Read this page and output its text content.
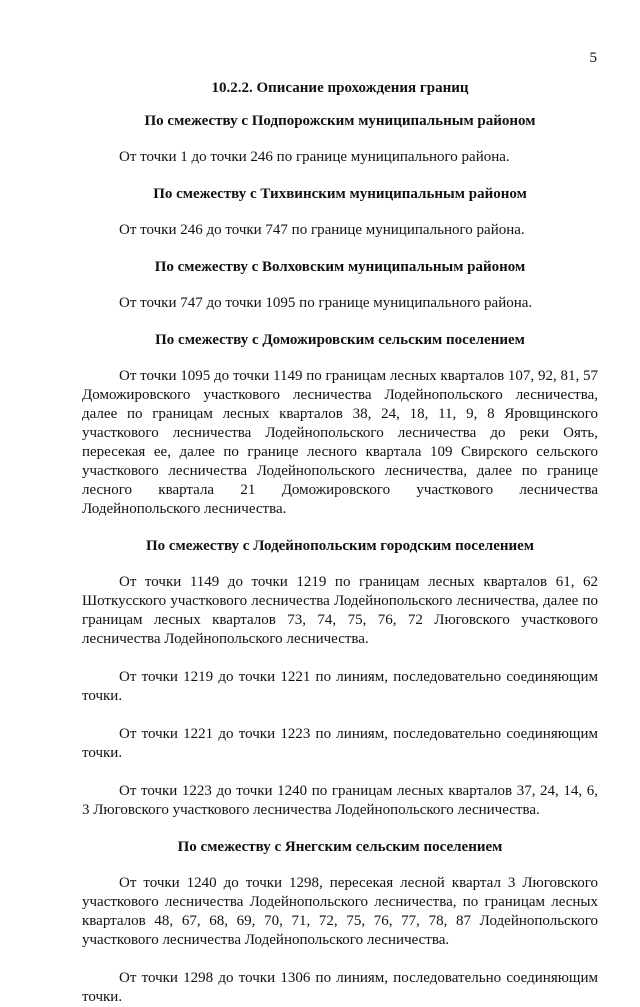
5
10.2.2. Описание прохождения границ
По смежеству с Подпорожским муниципальным районом

От точки 1 до точки 246 по границе муниципального района.

По смежеству с Тихвинским муниципальным районом

От точки 246 до точки 747 по границе муниципального района.

По смежеству с Волховским муниципальным районом

От точки 747 до точки 1095 по границе муниципального района.

По смежеству с Доможировским сельским поселением

От точки 1095 до точки 1149 по границам лесных кварталов 107, 92, 81, 57 Доможировского участкового лесничества Лодейнопольского лесничества, далее по границам лесных кварталов 38, 24, 18, 11, 9, 8 Яровщинского участкового лесничества Лодейнопольского лесничества до реки Оять, пересекая ее, далее по границе лесного квартала 109 Свирского сельского участкового лесничества Лодейнопольского лесничества, далее по границе лесного квартала 21 Доможировского участкового лесничества Лодейнопольского лесничества.

По смежеству с Лодейнопольским городским поселением

От точки 1149 до точки 1219 по границам лесных кварталов 61, 62 Шоткусского участкового лесничества Лодейнопольского лесничества, далее по границам лесных кварталов 73, 74, 75, 76, 72 Люговского участкового лесничества Лодейнопольского лесничества.

От точки 1219 до точки 1221 по линиям, последовательно соединяющим точки.

От точки 1221 до точки 1223 по линиям, последовательно соединяющим точки.

От точки 1223 до точки 1240 по границам лесных кварталов 37, 24, 14, 6, 3 Люговского участкового лесничества Лодейнопольского лесничества.

По смежеству с Янегским сельским поселением

От точки 1240 до точки 1298, пересекая лесной квартал 3 Люговского участкового лесничества Лодейнопольского лесничества, по границам лесных кварталов 48, 67, 68, 69, 70, 71, 72, 75, 76, 77, 78, 87 Лодейнопольского участкового лесничества Лодейнопольского лесничества.

От точки 1298 до точки 1306 по линиям, последовательно соединяющим точки.
